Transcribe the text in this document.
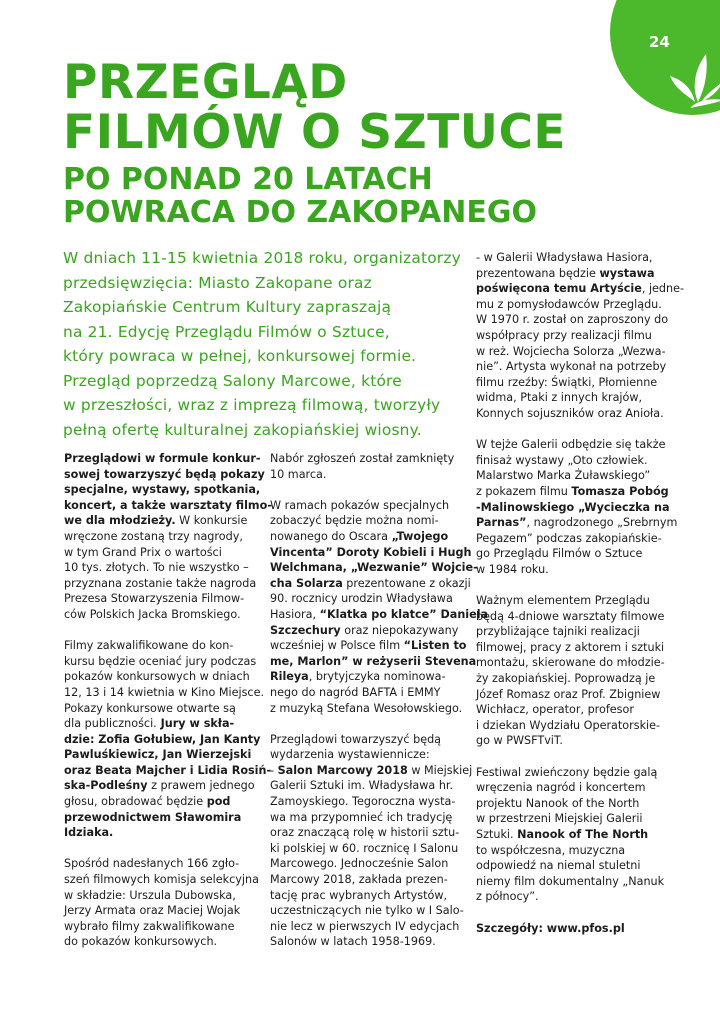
24
PRZEGLĄD
FILMÓW O SZTUCE
PO PONAD 20 LATACH
POWRACA DO ZAKOPANEGO
W dniach 11-15 kwietnia 2018 roku, organizatorzy
przedsięwzięcia: Miasto Zakopane oraz
Zakopiańskie Centrum Kultury zapraszają
na 21. Edycję Przeglądu Filmów o Sztuce,
który powraca w pełnej, konkursowej formie.
Przegląd poprzedzą Salony Marcowe, które
w przeszłości, wraz z imprezą filmową, tworzyły
pełną ofertę kulturalnej zakopiańskiej wiosny.

Przeglądowi w formule konkur-
sowej towarzyszyć będą pokazy
specjalne, wystawy, spotkania,
koncert, a także warsztaty filmo-
we dla młodzieży. W konkursie
wręczone zostaną trzy nagrody,
w tym Grand Prix o wartości
10 tys. złotych. To nie wszystko –
przyznana zostanie także nagroda
Prezesa Stowarzyszenia Filmow-
ców Polskich Jacka Bromskiego.

Filmy zakwalifikowane do kon-
kursu będzie oceniać jury podczas
pokazów konkursowych w dniach
12, 13 i 14 kwietnia w Kino Miejsce.
Pokazy konkursowe otwarte są
dla publiczności. Jury w skła-
dzie: Zofia Gołubiew, Jan Kanty
Pawluśkiewicz, Jan Wierzejski
oraz Beata Majcher i Lidia Rosiń-
ska-Podleśny z prawem jednego
głosu, obradować będzie pod
przewodnictwem Sławomira
Idziaka.

Spośród nadesłanych 166 zgło-
szeń filmowych komisja selekcyjna
w składzie: Urszula Dubowska,
Jerzy Armata oraz Maciej Wojak
wybrało filmy zakwalifikowane
do pokazów konkursowych.

Nabór zgłoszeń został zamknięty
10 marca.

W ramach pokazów specjalnych
zobaczyć będzie można nomi-
nowanego do Oscara „Twojego
Vincenta” Doroty Kobieli i Hugh
Welchmana, „Wezwanie” Wojcie-
cha Solarza prezentowane z okazji
90. rocznicy urodzin Władysława
Hasiora, “Klatka po klatce” Daniela
Szczechury oraz niepokazywany
wcześniej w Polsce film “Listen to
me, Marlon” w reżyserii Stevena
Rileya, brytyjczyka nominowa-
nego do nagród BAFTA i EMMY
z muzyką Stefana Wesołowskiego.

Przeglądowi towarzyszyć będą
wydarzenia wystawiennicze:
- Salon Marcowy 2018 w Miejskiej
Galerii Sztuki im. Władysława hr.
Zamoyskiego. Tegoroczna wysta-
wa ma przypomnieć ich tradycję
oraz znaczącą rolę w historii sztu-
ki polskiej w 60. rocznicę I Salonu
Marcowego. Jednocześnie Salon
Marcowy 2018, zakłada prezen-
tację prac wybranych Artystów,
uczestniczących nie tylko w I Salo-
nie lecz w pierwszych IV edycjach
Salonów w latach 1958-1969.

- w Galerii Władysława Hasiora,
prezentowana będzie wystawa
poświęcona temu Artyście, jedne-
mu z pomysłodawców Przeglądu.
W 1970 r. został on zaproszony do
współpracy przy realizacji filmu
w reż. Wojciecha Solorza „Wezwa-
nie”. Artysta wykonał na potrzeby
filmu rzeźby: Świątki, Płomienne
widma, Ptaki z innych krajów,
Konnych sojuszników oraz Anioła.

W tejże Galerii odbędzie się także
finisaż wystawy „Oto człowiek.
Malarstwo Marka Żuławskiego”
z pokazem filmu Tomasza Pobóg
-Malinowskiego „Wycieczka na
Parnas”, nagrodzonego „Srebrnym
Pegazem” podczas zakopiańskie-
go Przeglądu Filmów o Sztuce
w 1984 roku.

Ważnym elementem Przeglądu
będą 4-dniowe warsztaty filmowe
przybliżające tajniki realizacji
filmowej, pracy z aktorem i sztuki
montażu, skierowane do młodzie-
ży zakopiańskiej. Poprowadzą je
Józef Romasz oraz Prof. Zbigniew
Wichłacz, operator, profesor
i dziekan Wydziału Operatorskie-
go w PWSFTviT.

Festiwal zwieńczony będzie galą
wręczenia nagród i koncertem
projektu Nanook of the North
w przestrzeni Miejskiej Galerii
Sztuki. Nanook of The North
to współczesna, muzyczna
odpowiedź na niemal stuletni
niemy film dokumentalny „Nanuk
z północy”.

Szczegóły: www.pfos.pl
